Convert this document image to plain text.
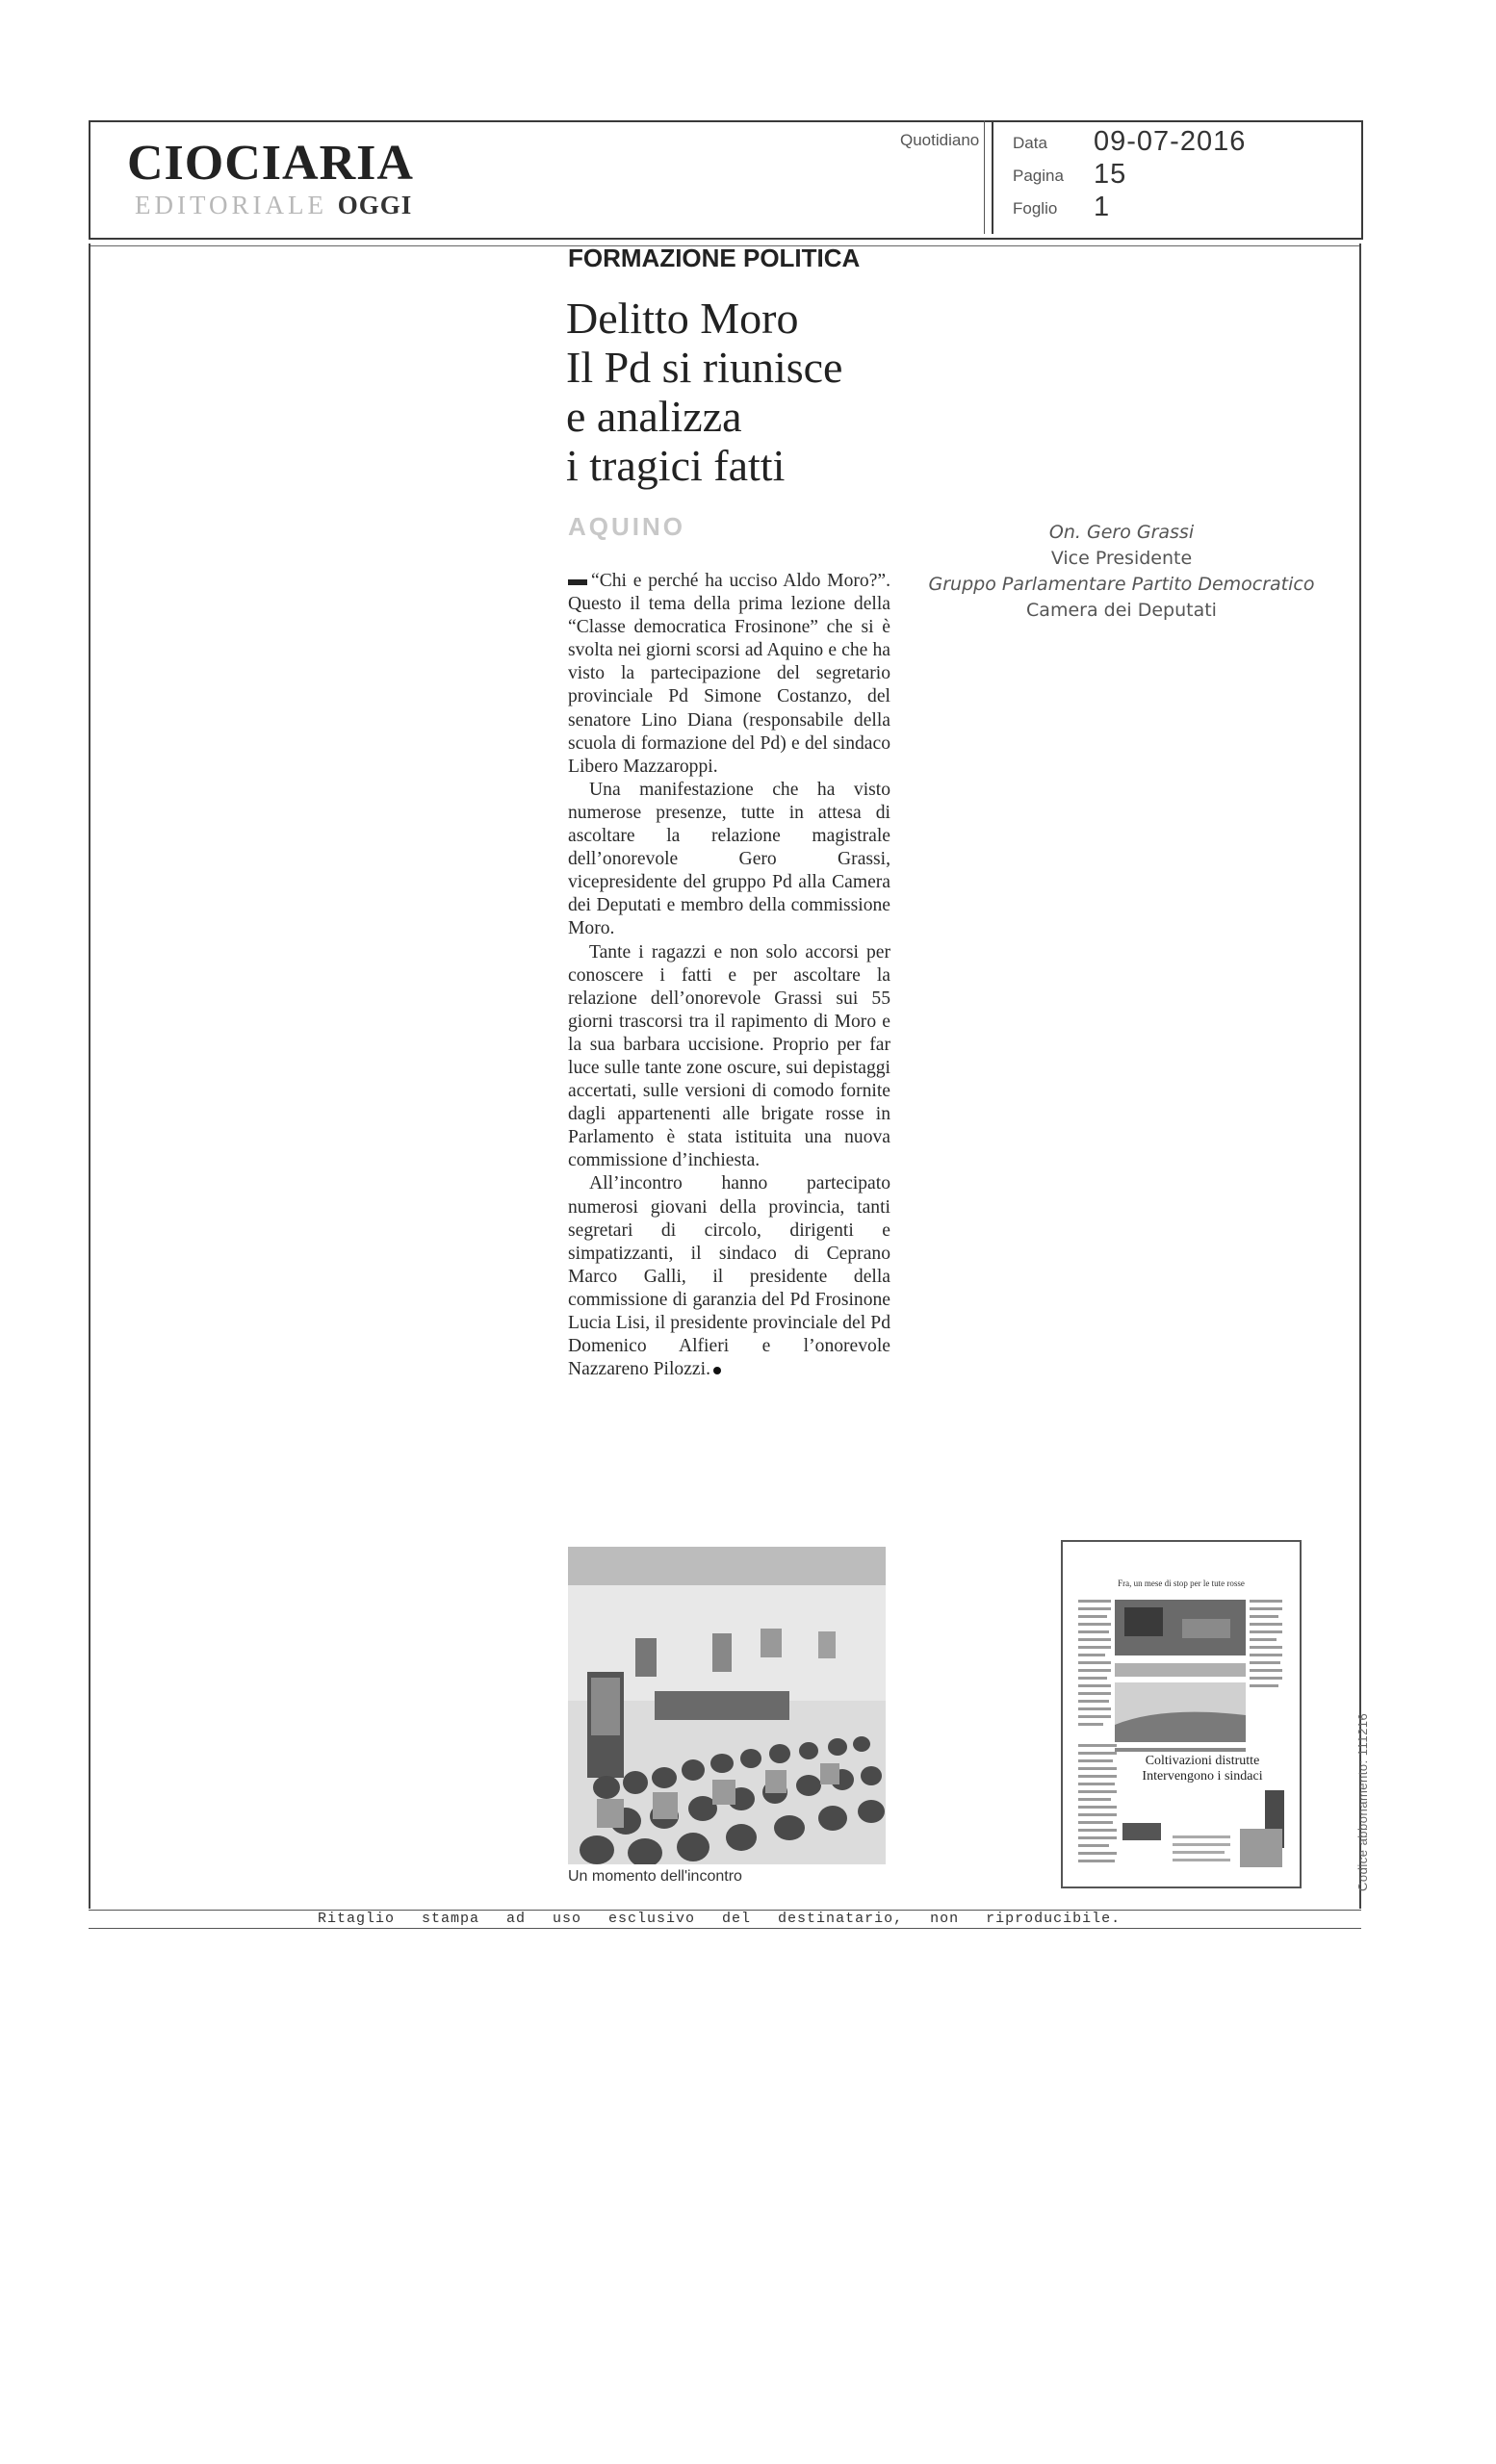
CIOCIARIA
EDITORIALE OGGI
Quotidiano Data 09-07-2016
Pagina 15
Foglio 1
Ritaglio stampa ad uso esclusivo del destinatario, non riproducibile.
FORMAZIONE POLITICA
Delitto Moro
Il Pd si riunisce
e analizza
i tragici fatti
AQUINO

“Chi e perché ha ucciso Aldo Moro?”. Questo il tema della prima lezione della “Classe democratica Frosinone” che si è svolta nei giorni scorsi ad Aquino e che ha visto la partecipazione del segretario provinciale Pd Simone Costanzo, del senatore Lino Diana (responsabile della scuola di formazione del Pd) e del sindaco Libero Mazzaroppi.

Una manifestazione che ha visto numerose presenze, tutte in attesa di ascoltare la relazione magistrale dell’onorevole Gero Grassi, vicepresidente del gruppo Pd alla Camera dei Deputati e membro della commissione Moro.

Tante i ragazzi e non solo accorsi per conoscere i fatti e per ascoltare la relazione dell’onorevole Grassi sui 55 giorni trascorsi tra il rapimento di Moro e la sua barbara uccisione. Proprio per far luce sulle tante zone oscure, sui depistaggi accertati, sulle versioni di comodo fornite dagli appartenenti alle brigate rosse in Parlamento è stata istituita una nuova commissione d’inchiesta.

All’incontro hanno partecipato numerosi giovani della provincia, tanti segretari di circolo, dirigenti e simpatizzanti, il sindaco di Ceprano Marco Galli, il presidente della commissione di garanzia del Pd Frosinone Lucia Lisi, il presidente provinciale del Pd Domenico Alfieri e l’onorevole Nazzareno Pilozzi.

On. Gero Grassi
Vice Presidente
Gruppo Parlamentare Partito Democratico
Camera dei Deputati
Un momento dell'incontro
Fra, un mese di stop per le tute rosse
Coltivazioni distrutte Intervengono i sindaci	Codice abbonamento: 111216
